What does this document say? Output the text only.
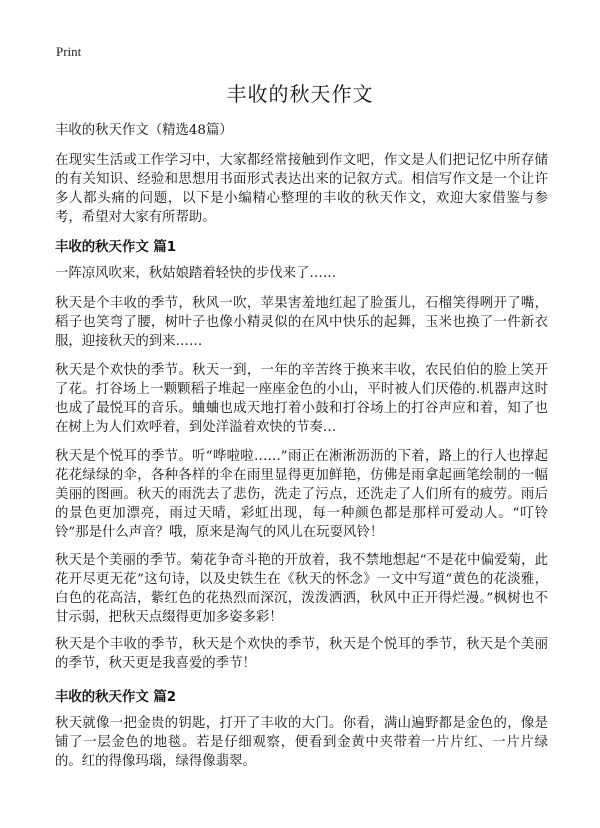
Print
丰收的秋天作文

丰收的秋天作文（精选48篇）

在现实生活或工作学习中，大家都经常接触到作文吧，作文是人们把记忆中所存储的有关知识、经验和思想用书面形式表达出来的记叙方式。相信写作文是一个让许多人都头痛的问题，以下是小编精心整理的丰收的秋天作文，欢迎大家借鉴与参考，希望对大家有所帮助。

丰收的秋天作文 篇1

一阵凉风吹来，秋姑娘踏着轻快的步伐来了……

秋天是个丰收的季节，秋风一吹，苹果害羞地红起了脸蛋儿，石榴笑得咧开了嘴，稻子也笑弯了腰，树叶子也像小精灵似的在风中快乐的起舞，玉米也换了一件新衣服，迎接秋天的到来……

秋天是个欢快的季节。秋天一到，一年的辛苦终于换来丰收，农民伯伯的脸上笑开了花。打谷场上一颗颗稻子堆起一座座金色的小山，平时被人们厌倦的.机器声这时也成了最悦耳的音乐。蛐蛐也成天地打着小鼓和打谷场上的打谷声应和着，知了也在树上为人们欢呼着，到处洋溢着欢快的节奏…

秋天是个悦耳的季节。听“哗啦啦……”雨正在淅淅沥沥的下着，路上的行人也撑起花花绿绿的伞，各种各样的伞在雨里显得更加鲜艳，仿佛是雨拿起画笔绘制的一幅美丽的图画。秋天的雨洗去了悲伤，洗走了污点，还洗走了人们所有的疲劳。雨后的景色更加漂亮，雨过天晴，彩虹出现，每一种颜色都是那样可爱动人。“叮铃铃”那是什么声音？哦，原来是淘气的风儿在玩耍风铃！

秋天是个美丽的季节。菊花争奇斗艳的开放着，我不禁地想起“不是花中偏爱菊，此花开尽更无花”这句诗，以及史铁生在《秋天的怀念》一文中写道“黄色的花淡雅，白色的花高洁，紫红色的花热烈而深沉，泼泼洒洒，秋风中正开得烂漫。”枫树也不甘示弱，把秋天点缀得更加多姿多彩！

秋天是个丰收的季节，秋天是个欢快的季节，秋天是个悦耳的季节，秋天是个美丽的季节，秋天更是我喜爱的季节！

丰收的秋天作文 篇2

秋天就像一把金贵的钥匙，打开了丰收的大门。你看，满山遍野都是金色的，像是铺了一层金色的地毯。若是仔细观察，便看到金黄中夹带着一片片红、一片片绿的。红的得像玛瑙，绿得像翡翠。
